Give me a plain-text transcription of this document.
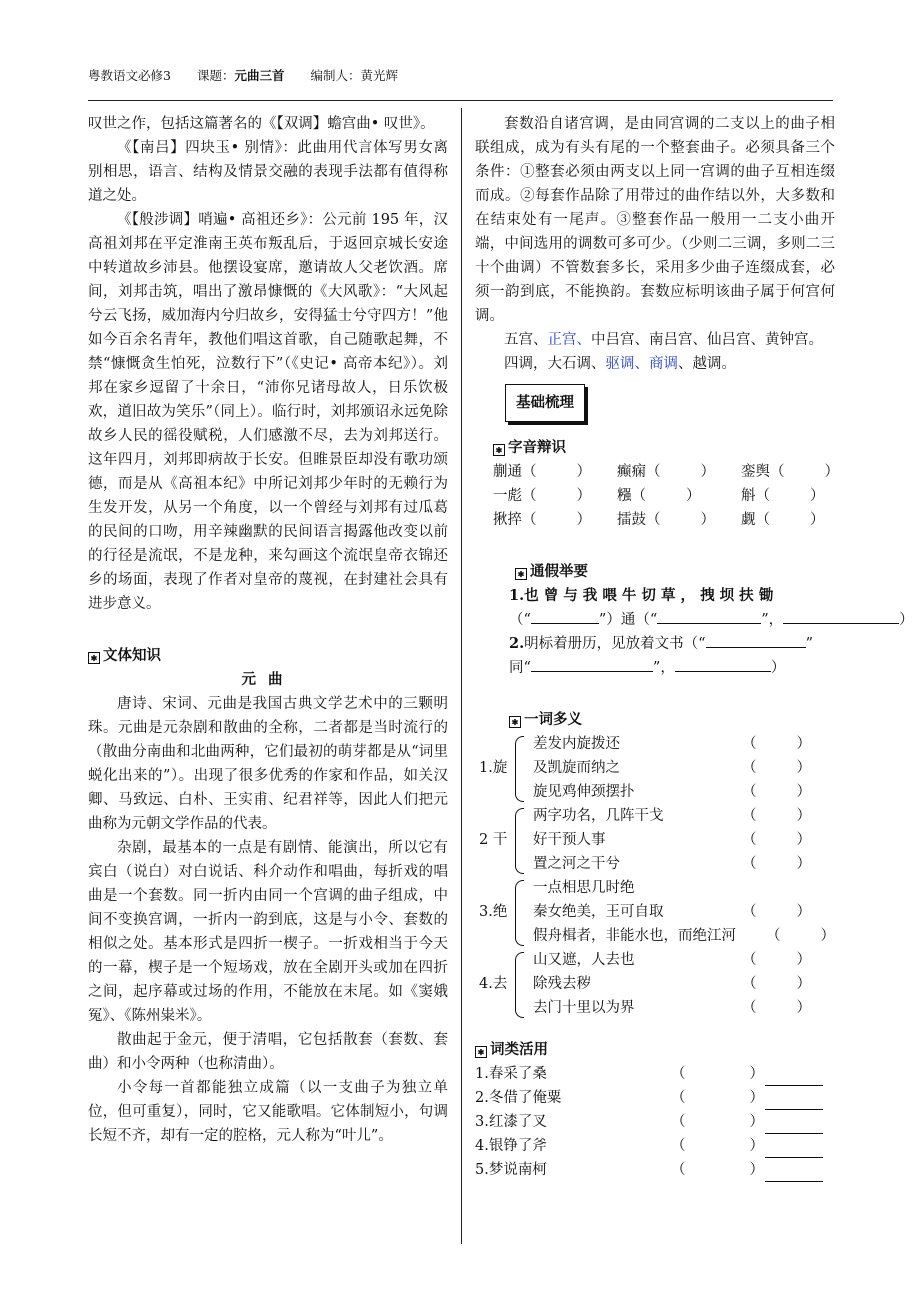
粤教语文必修3 课题：元曲三首 编制人：黄光辉

叹世之作，包括这篇著名的《【双调】蟾宫曲• 叹世》。

《【南吕】四块玉• 别情》：此曲用代言体写男女离别相思，语言、结构及情景交融的表现手法都有值得称道之处。

《【般涉调】哨遍• 高祖还乡》：公元前 195 年，汉高祖刘邦在平定淮南王英布叛乱后，于返回京城长安途中转道故乡沛县。他摆设宴席，邀请故人父老饮酒。席间，刘邦击筑，唱出了激昂慷慨的《大风歌》：“大风起兮云飞扬，威加海内兮归故乡，安得猛士兮守四方！”他如今百余名青年，教他们唱这首歌，自己随歌起舞，不禁“慷慨贪生怕死，泣数行下”（《史记• 高帝本纪》）。刘邦在家乡逗留了十余日，“沛你兄诸母故人，日乐饮极欢，道旧故为笑乐”（同上）。临行时，刘邦颁诏永远免除故乡人民的徭役赋税，人们感激不尽，去为刘邦送行。这年四月，刘邦即病故于长安。但睢景臣却没有歌功颂德，而是从《高祖本纪》中所记刘邦少年时的无赖行为生发开发，从另一个角度，以一个曾经与刘邦有过瓜葛的民间的口吻，用辛辣幽默的民间语言揭露他改变以前的行径是流氓，不是龙种，来勾画这个流氓皇帝衣锦还乡的场面，表现了作者对皇帝的蔑视，在封建社会具有进步意义。

✱ 文体知识
元曲

唐诗、宋词、元曲是我国古典文学艺术中的三颗明珠。元曲是元杂剧和散曲的全称，二者都是当时流行的（散曲分南曲和北曲两种，它们最初的萌芽都是从“词里蜕化出来的”）。出现了很多优秀的作家和作品，如关汉卿、马致远、白朴、王实甫、纪君祥等，因此人们把元曲称为元朝文学作品的代表。

杂剧，最基本的一点是有剧情、能演出，所以它有宾白（说白）对白说话、科介动作和唱曲，每折戏的唱曲是一个套数。同一折内由同一个宫调的曲子组成，中间不变换宫调，一折内一韵到底，这是与小令、套数的相似之处。基本形式是四折一楔子。一折戏相当于今天的一幕，楔子是一个短场戏，放在全剧开头或加在四折之间，起序幕或过场的作用，不能放在末尾。如《窦娥冤》、《陈州粜米》。

散曲起于金元，便于清唱，它包括散套（套数、套曲）和小令两种（也称清曲）。

小令每一首都能独立成篇（以一支曲子为独立单位，但可重复），同时，它又能歌唱。它体制短小，句调长短不齐，却有一定的腔格，元人称为“叶儿”。

套数沿自诸宫调，是由同宫调的二支以上的曲子相联组成，成为有头有尾的一个整套曲子。必须具备三个条件：①整套必须由两支以上同一宫调的曲子互相连缀而成。②每套作品除了用带过的曲作结以外，大多数和在结束处有一尾声。③整套作品一般用一二支小曲开端，中间选用的调数可多可少。（少则二三调，多则二三十个曲调）不管数套多长，采用多少曲子连缀成套，必须一韵到底，不能换韵。套数应标明该曲子属于何宫何调。

五宫、正宫、中吕宫、南吕宫、仙吕宫、黄钟宫。

四调，大石调、驱调、商调、越调。

基础梳理
✱ 字音辩识
蒯通（	）	癫痫（	）	銮舆（	）
一彪（	）	糨（	）	斛（	）
揪捽（	）	擂鼓（	）	觑（	）
✱ 通假举要
1.也 曾 与 我 喂 牛 切 草 ， 拽 坝 扶 锄
（“	”）通（“	”，	）
2.明标着册历，见放着文书（“	”
同“	”，	）
✱ 一词多义
1.旋
差发内旋拨还	（	）
及凯旋而纳之	（	）
旋见鸡伸颈摆扑	（	）
2 干
两字功名，几阵干戈	（	）
好干预人事	（	）
置之河之干兮	（	）
3.绝
一点相思几时绝
秦女绝美，王可自取	（	）
假舟楫者，非能水也，而绝江河 （	）
4.去
山又遮，人去也	（	）
除残去秽	（	）
去门十里以为界	（	）
✱ 词类活用
1.春采了桑	（	）
2.冬借了俺粟	（	）
3.红漆了叉	（	）
4.银铮了斧	（	）
5.梦说南柯	（	）
